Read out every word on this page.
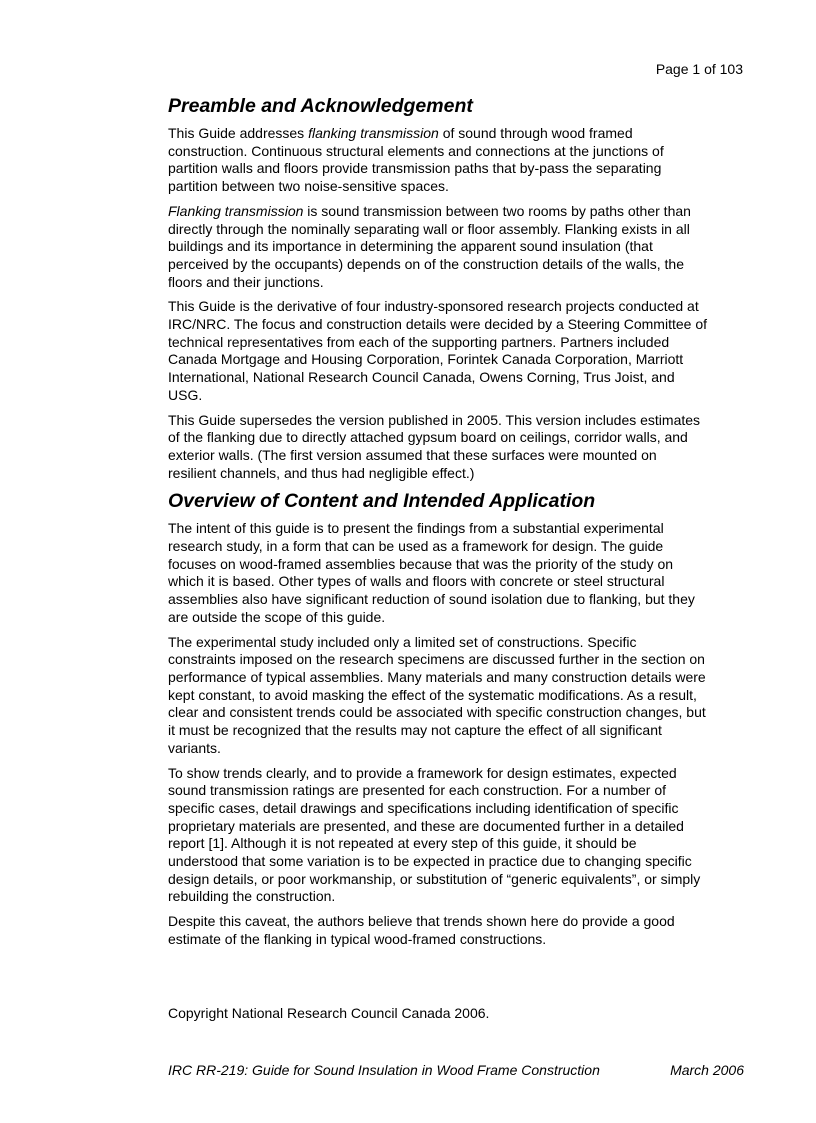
Page 1 of 103
Preamble and Acknowledgement

This Guide addresses flanking transmission of sound through wood framed construction. Continuous structural elements and connections at the junctions of partition walls and floors provide transmission paths that by-pass the separating partition between two noise-sensitive spaces.

Flanking transmission is sound transmission between two rooms by paths other than directly through the nominally separating wall or floor assembly. Flanking exists in all buildings and its importance in determining the apparent sound insulation (that perceived by the occupants) depends on of the construction details of the walls, the floors and their junctions.

This Guide is the derivative of four industry-sponsored research projects conducted at IRC/NRC. The focus and construction details were decided by a Steering Committee of technical representatives from each of the supporting partners. Partners included Canada Mortgage and Housing Corporation, Forintek Canada Corporation, Marriott International, National Research Council Canada, Owens Corning, Trus Joist, and USG.

This Guide supersedes the version published in 2005. This version includes estimates of the flanking due to directly attached gypsum board on ceilings, corridor walls, and exterior walls. (The first version assumed that these surfaces were mounted on resilient channels, and thus had negligible effect.)

Overview of Content and Intended Application

The intent of this guide is to present the findings from a substantial experimental research study, in a form that can be used as a framework for design. The guide focuses on wood-framed assemblies because that was the priority of the study on which it is based. Other types of walls and floors with concrete or steel structural assemblies also have significant reduction of sound isolation due to flanking, but they are outside the scope of this guide.

The experimental study included only a limited set of constructions. Specific constraints imposed on the research specimens are discussed further in the section on performance of typical assemblies. Many materials and many construction details were kept constant, to avoid masking the effect of the systematic modifications. As a result, clear and consistent trends could be associated with specific construction changes, but it must be recognized that the results may not capture the effect of all significant variants.

To show trends clearly, and to provide a framework for design estimates, expected sound transmission ratings are presented for each construction. For a number of specific cases, detail drawings and specifications including identification of specific proprietary materials are presented, and these are documented further in a detailed report [1]. Although it is not repeated at every step of this guide, it should be understood that some variation is to be expected in practice due to changing specific design details, or poor workmanship, or substitution of “generic equivalents”, or simply rebuilding the construction.

Despite this caveat, the authors believe that trends shown here do provide a good estimate of the flanking in typical wood-framed constructions.

Copyright National Research Council Canada 2006.
IRC RR-219: Guide for Sound Insulation in Wood Frame Construction	March 2006
